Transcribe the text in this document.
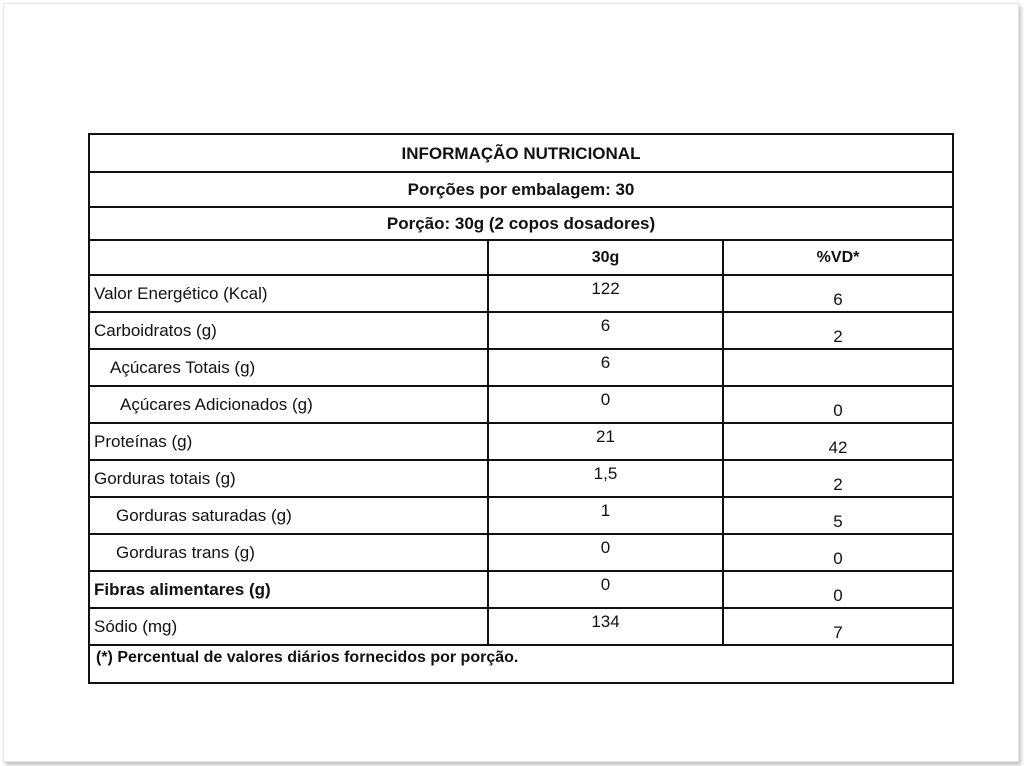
INFORMAÇÃO NUTRICIONAL		
Porções por embalagem: 30		
Porção: 30g (2 copos dosadores)		
	30g	%VD*
Valor Energético (Kcal)	122	6
Carboidratos (g)	6	2
Açúcares Totais (g)	6	
Açúcares Adicionados (g)	0	0
Proteínas (g)	21	42
Gorduras totais (g)	1,5	2
Gorduras saturadas (g)	1	5
Gorduras trans (g)	0	0
Fibras alimentares (g)	0	0
Sódio (mg)	134	7
(*) Percentual de valores diários fornecidos por porção.		
